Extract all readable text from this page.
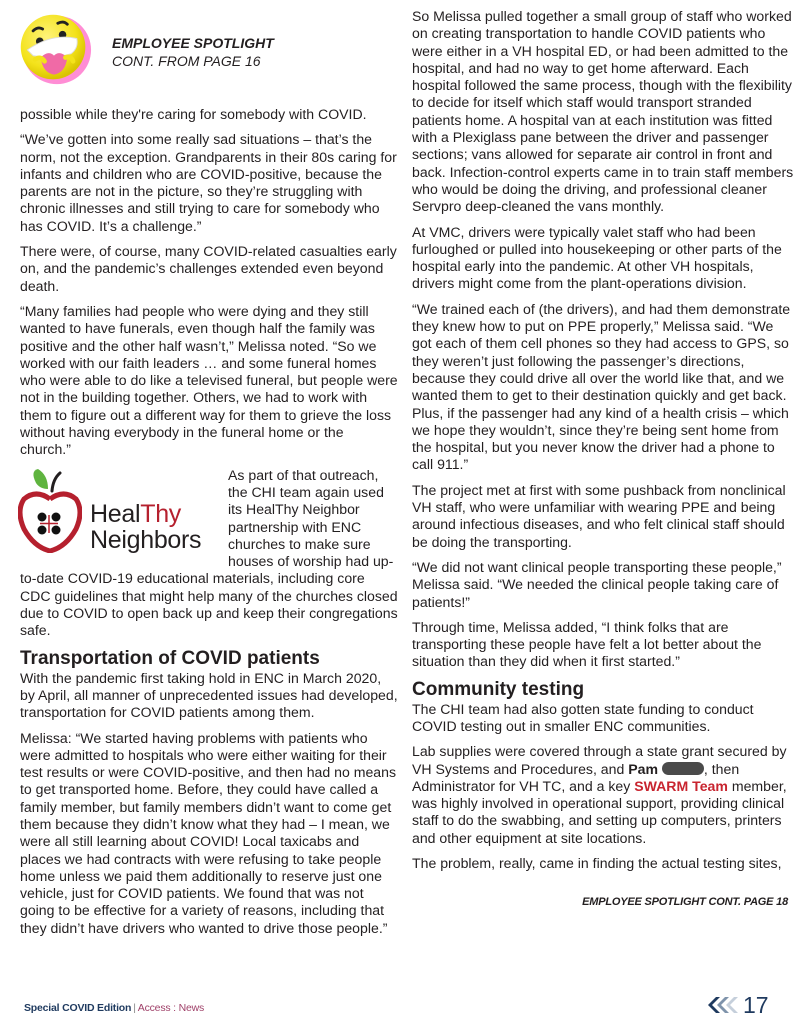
EMPLOYEE SPOTLIGHT
CONT. FROM PAGE 16

possible while they're caring for somebody with COVID.

“We’ve gotten into some really sad situations – that’s the norm, not the exception. Grandparents in their 80s caring for infants and children who are COVID-positive, because the parents are not in the picture, so they’re struggling with chronic illnesses and still trying to care for somebody who has COVID. It’s a challenge.”

There were, of course, many COVID-related casualties early on, and the pandemic’s challenges extended even beyond death.

“Many families had people who were dying and they still wanted to have funerals, even though half the family was positive and the other half wasn’t,” Melissa noted. “So we worked with our faith leaders … and some funeral homes who were able to do like a televised funeral, but people were not in the building together. Others, we had to work with them to figure out a different way for them to grieve the loss without having everybody in the funeral home or the church.”

HealThy
Neighbors

As part of that outreach, the CHI team again used its HealThy Neighbor partnership with ENC churches to make sure houses of worship had up-to-date COVID-19 educational materials, including core CDC guidelines that might help many of the churches closed due to COVID to open back up and keep their congregations safe.

Transportation of COVID patients

With the pandemic first taking hold in ENC in March 2020, by April, all manner of unprecedented issues had developed, transportation for COVID patients among them.

Melissa: “We started having problems with patients who were admitted to hospitals who were either waiting for their test results or were COVID-positive, and then had no means to get transported home. Before, they could have called a family member, but family members didn’t want to come get them because they didn’t know what they had – I mean, we were all still learning about COVID! Local taxicabs and places we had contracts with were refusing to take people home unless we paid them additionally to reserve just one vehicle, just for COVID patients. We found that was not going to be effective for a variety of reasons, including that they didn’t have drivers who wanted to drive those people.”

So Melissa pulled together a small group of staff who worked on creating transportation to handle COVID patients who were either in a VH hospital ED, or had been admitted to the hospital, and had no way to get home afterward. Each hospital followed the same process, though with the flexibility to decide for itself which staff would transport stranded patients home. A hospital van at each institution was fitted with a Plexiglass pane between the driver and passenger sections; vans allowed for separate air control in front and back. Infection-control experts came in to train staff members who would be doing the driving, and professional cleaner Servpro deep-cleaned the vans monthly.

At VMC, drivers were typically valet staff who had been furloughed or pulled into housekeeping or other parts of the hospital early into the pandemic. At other VH hospitals, drivers might come from the plant-operations division.

“We trained each of (the drivers), and had them demonstrate they knew how to put on PPE properly,” Melissa said. “We got each of them cell phones so they had access to GPS, so they weren’t just following the passenger’s directions, because they could drive all over the world like that, and we wanted them to get to their destination quickly and get back. Plus, if the passenger had any kind of a health crisis – which we hope they wouldn’t, since they’re being sent home from the hospital, but you never know the driver had a phone to call 911.”

The project met at first with some pushback from nonclinical VH staff, who were unfamiliar with wearing PPE and being around infectious diseases, and who felt clinical staff should be doing the transporting.

“We did not want clinical people transporting these people,” Melissa said. “We needed the clinical people taking care of patients!”

Through time, Melissa added, “I think folks that are transporting these people have felt a lot better about the situation than they did when it first started.”

Community testing

The CHI team had also gotten state funding to conduct COVID testing out in smaller ENC communities.

Lab supplies were covered through a state grant secured by VH Systems and Procedures, and Pam	, then Administrator for VH TC, and a key SWARM Team member, was highly involved in operational support, providing clinical staff to do the swabbing, and setting up computers, printers and other equipment at site locations.

The problem, really, came in finding the actual testing sites,

EMPLOYEE SPOTLIGHT CONT. PAGE 18
Special COVID Edition | Access : News	17
